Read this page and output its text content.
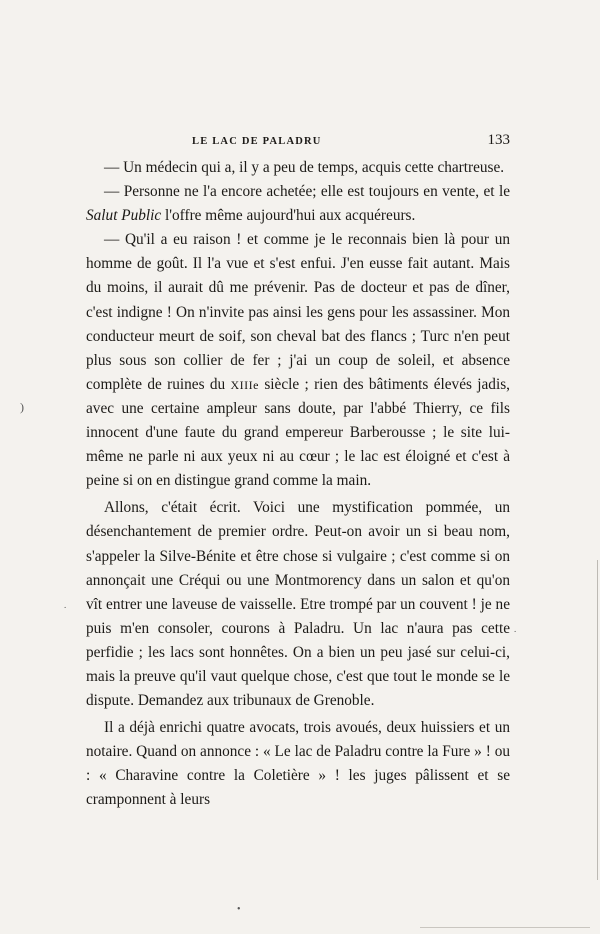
LE LAC DE PALADRU	133

— Un médecin qui a, il y a peu de temps, acquis cette chartreuse.

— Personne ne l'a encore achetée; elle est toujours en vente, et le Salut Public l'offre même aujourd'hui aux acquéreurs.

— Qu'il a eu raison ! et comme je le reconnais bien là pour un homme de goût. Il l'a vue et s'est enfui. J'en eusse fait autant. Mais du moins, il aurait dû me prévenir. Pas de docteur et pas de dîner, c'est indigne ! On n'invite pas ainsi les gens pour les assassiner. Mon conducteur meurt de soif, son cheval bat des flancs ; Turc n'en peut plus sous son collier de fer ; j'ai un coup de soleil, et absence complète de ruines du XIIIe siècle ; rien des bâtiments élevés jadis, avec une certaine ampleur sans doute, par l'abbé Thierry, ce fils innocent d'une faute du grand empereur Barberousse ; le site lui-même ne parle ni aux yeux ni au cœur ; le lac est éloigné et c'est à peine si on en distingue grand comme la main.

Allons, c'était écrit. Voici une mystification pommée, un désenchantement de premier ordre. Peut-on avoir un si beau nom, s'appeler la Silve-Bénite et être chose si vulgaire ; c'est comme si on annonçait une Créqui ou une Montmorency dans un salon et qu'on vît entrer une laveuse de vaisselle. Etre trompé par un couvent ! je ne puis m'en consoler, courons à Paladru. Un lac n'aura pas cette perfidie ; les lacs sont honnêtes. On a bien un peu jasé sur celui-ci, mais la preuve qu'il vaut quelque chose, c'est que tout le monde se le dispute. Demandez aux tribunaux de Grenoble.

Il a déjà enrichi quatre avocats, trois avoués, deux huissiers et un notaire. Quand on annonce : « Le lac de Paladru contre la Fure » ! ou : « Charavine contre la Coletière » ! les juges pâlissent et se cramponnent à leurs

)
.
.
•
